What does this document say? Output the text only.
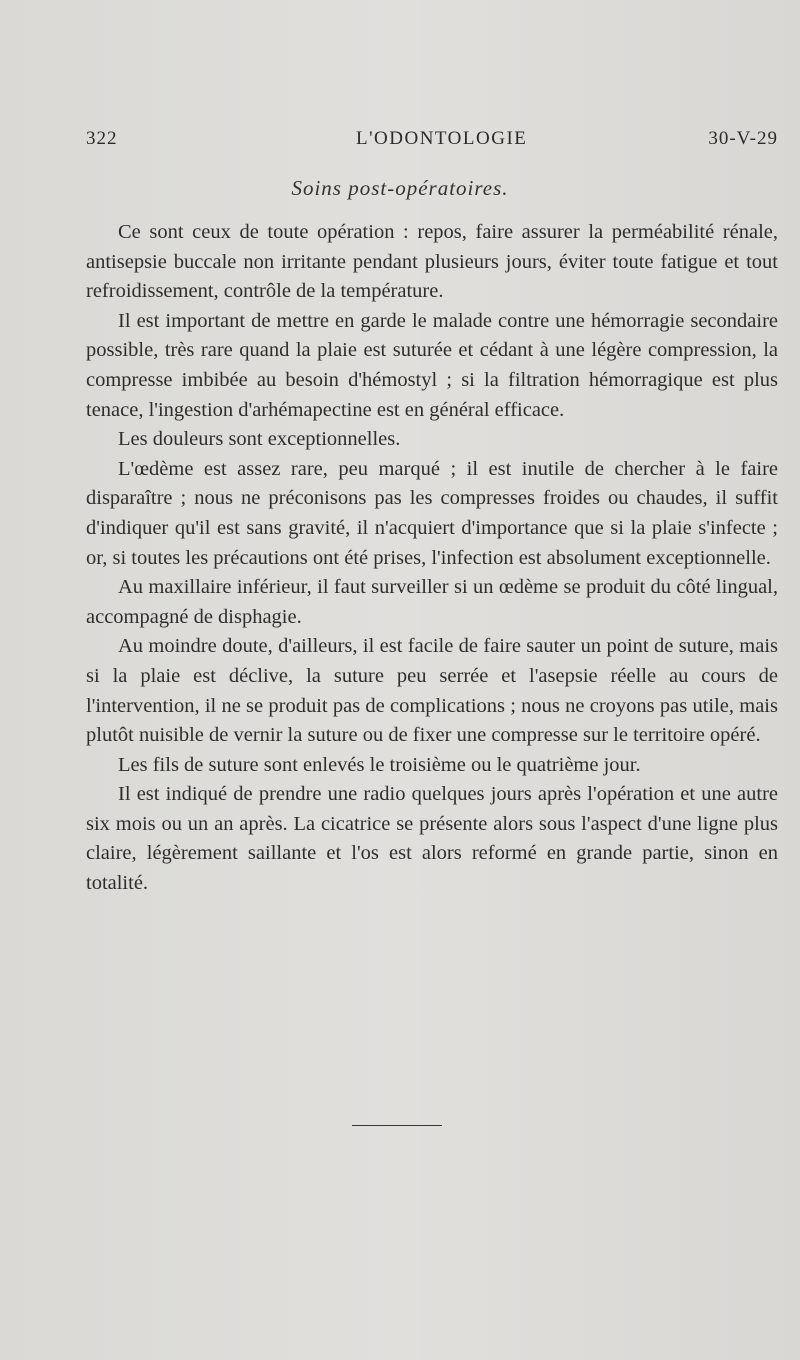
322	L'ODONTOLOGIE	30-V-29
Soins post-opératoires.

Ce sont ceux de toute opération : repos, faire assurer la perméabilité rénale, antisepsie buccale non irritante pendant plusieurs jours, éviter toute fatigue et tout refroidissement, contrôle de la température.

Il est important de mettre en garde le malade contre une hémorragie secondaire possible, très rare quand la plaie est suturée et cédant à une légère compression, la compresse imbibée au besoin d'hémostyl ; si la filtration hémorragique est plus tenace, l'ingestion d'arhémapectine est en général efficace.

Les douleurs sont exceptionnelles.

L'œdème est assez rare, peu marqué ; il est inutile de chercher à le faire disparaître ; nous ne préconisons pas les compresses froides ou chaudes, il suffit d'indiquer qu'il est sans gravité, il n'acquiert d'importance que si la plaie s'infecte ; or, si toutes les précautions ont été prises, l'infection est absolument exceptionnelle.

Au maxillaire inférieur, il faut surveiller si un œdème se produit du côté lingual, accompagné de disphagie.

Au moindre doute, d'ailleurs, il est facile de faire sauter un point de suture, mais si la plaie est déclive, la suture peu serrée et l'asepsie réelle au cours de l'intervention, il ne se produit pas de complications ; nous ne croyons pas utile, mais plutôt nuisible de vernir la suture ou de fixer une compresse sur le territoire opéré.

Les fils de suture sont enlevés le troisième ou le quatrième jour.

Il est indiqué de prendre une radio quelques jours après l'opération et une autre six mois ou un an après. La cicatrice se présente alors sous l'aspect d'une ligne plus claire, légèrement saillante et l'os est alors reformé en grande partie, sinon en totalité.
